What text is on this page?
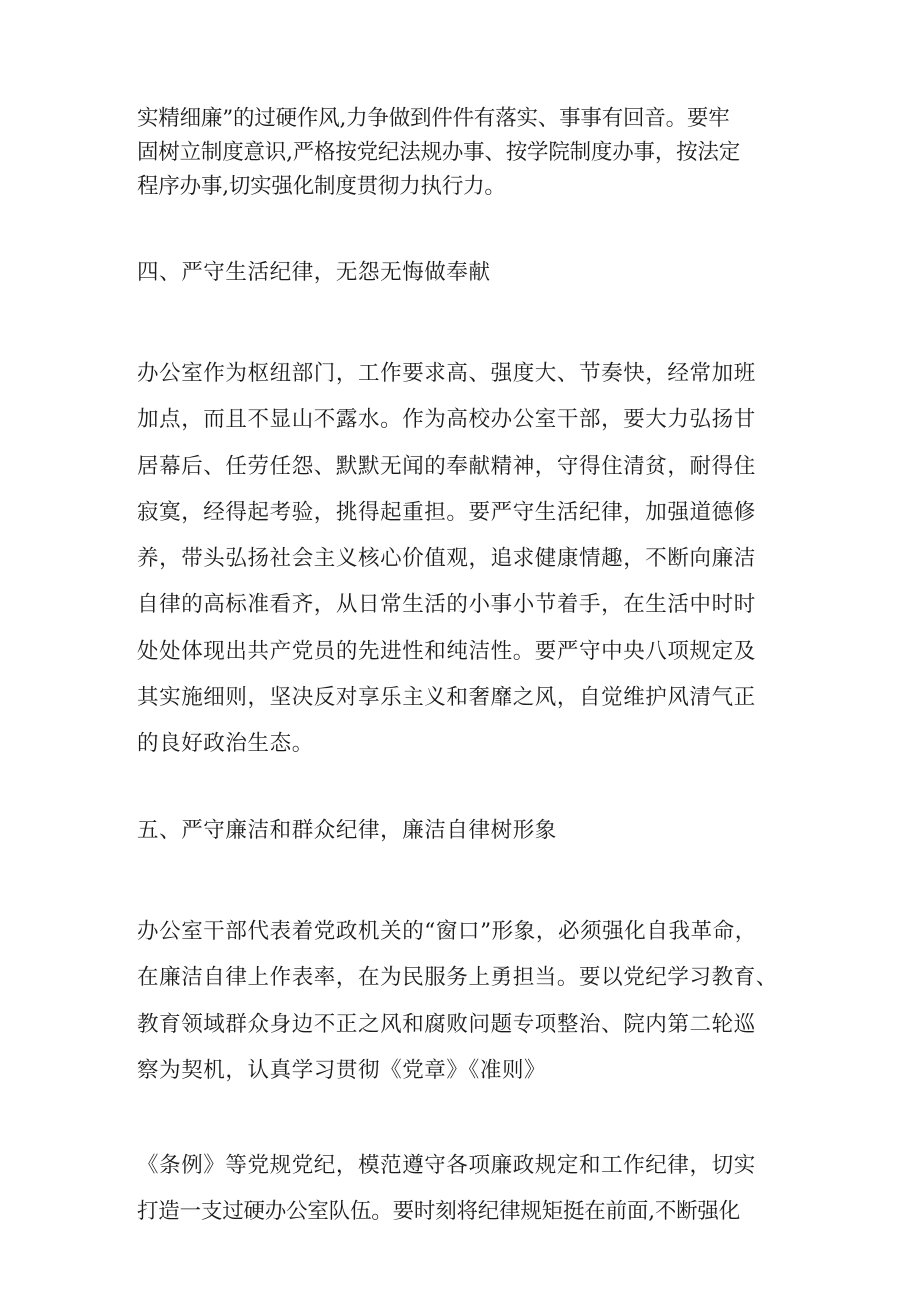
实精细廉”的过硬作风,力争做到件件有落实、事事有回音。要牢
固树立制度意识,严格按党纪法规办事、按学院制度办事，按法定
程序办事,切实强化制度贯彻力执行力。
四、严守生活纪律，无怨无悔做奉献
办公室作为枢纽部门，工作要求高、强度大、节奏快，经常加班
加点，而且不显山不露水。作为高校办公室干部，要大力弘扬甘
居幕后、任劳任怨、默默无闻的奉献精神，守得住清贫，耐得住
寂寞，经得起考验，挑得起重担。要严守生活纪律，加强道德修
养，带头弘扬社会主义核心价值观，追求健康情趣，不断向廉洁
自律的高标准看齐，从日常生活的小事小节着手，在生活中时时
处处体现出共产党员的先进性和纯洁性。要严守中央八项规定及
其实施细则，坚决反对享乐主义和奢靡之风，自觉维护风清气正
的良好政治生态。
五、严守廉洁和群众纪律，廉洁自律树形象
办公室干部代表着党政机关的“窗口”形象，必须强化自我革命，
在廉洁自律上作表率，在为民服务上勇担当。要以党纪学习教育、
教育领域群众身边不正之风和腐败问题专项整治、院内第二轮巡
察为契机，认真学习贯彻《党章》《准则》
《条例》等党规党纪，模范遵守各项廉政规定和工作纪律，切实
打造一支过硬办公室队伍。要时刻将纪律规矩挺在前面,不断强化
